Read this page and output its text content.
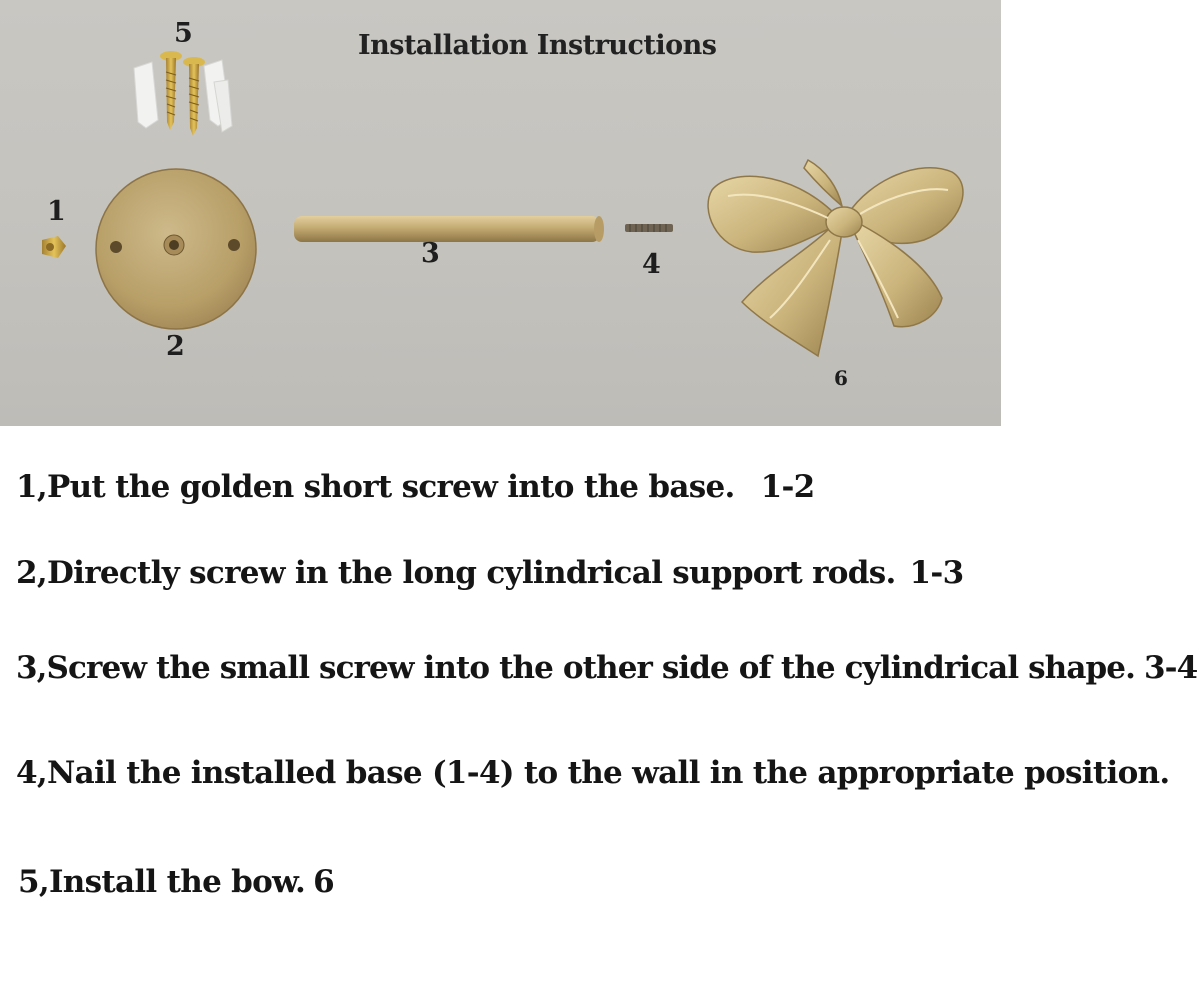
Installation Instructions
1
2
3	4
5
6
1,Put the golden short screw into the base. 1-2
2,Directly screw in the long cylindrical support rods. 1-3
3,Screw the small screw into the other side of the cylindrical shape. 3-4
4,Nail the installed base (1-4) to the wall in the appropriate position.
5,Install the bow. 6
